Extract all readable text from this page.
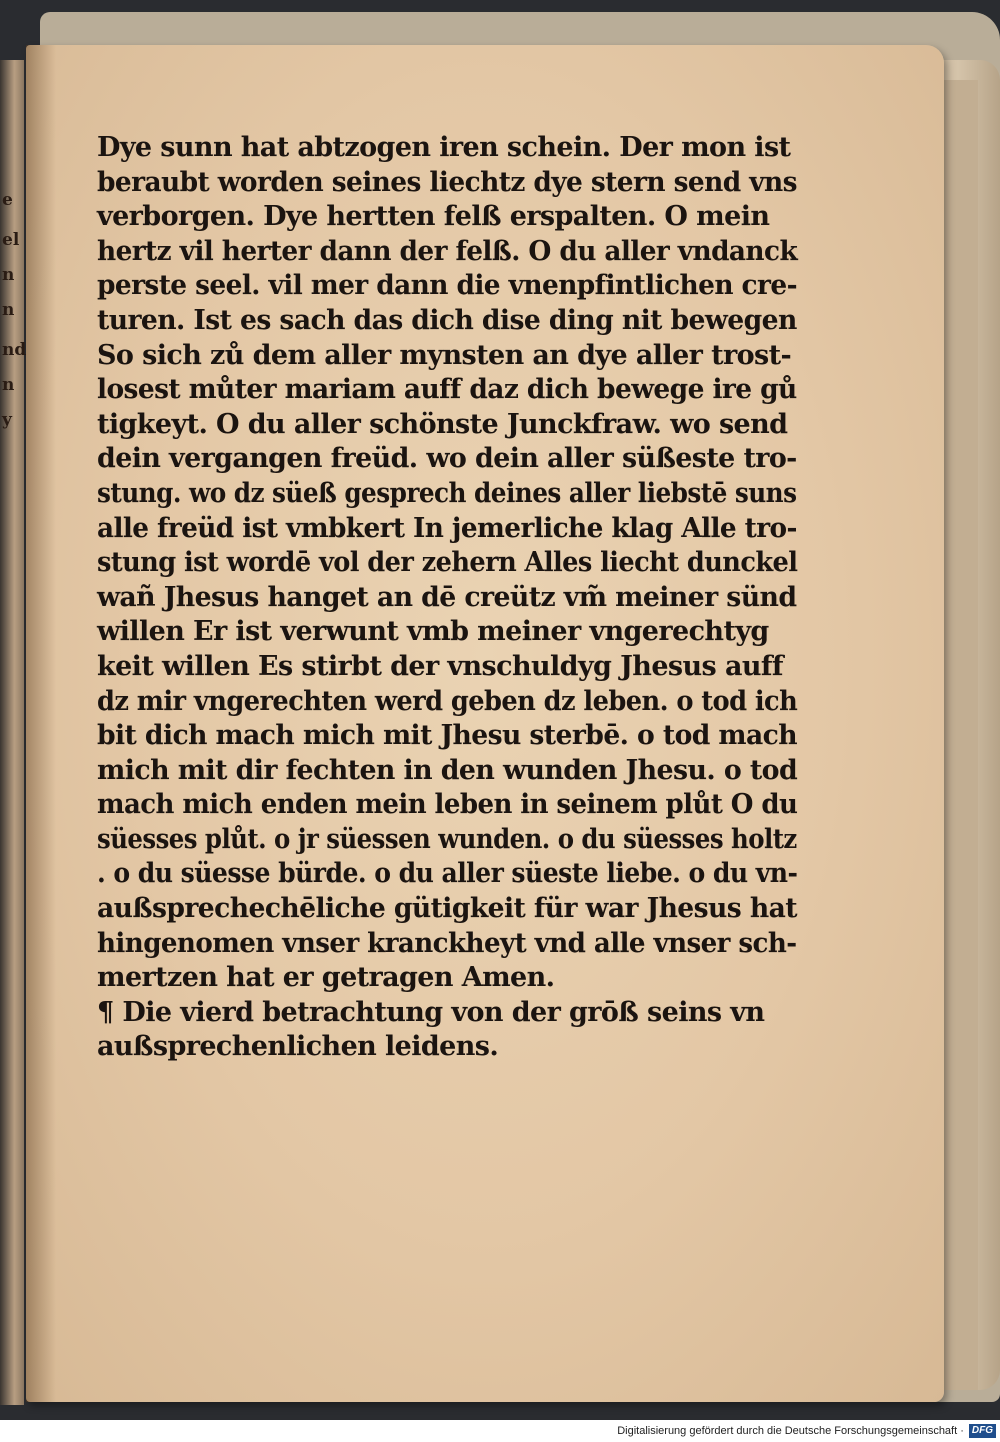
e
el
n
n
nd
n
y
Dye sunn hat abtzogen iren schein. Der mon ist
beraubt worden seines liechtz dye stern send vns
verborgen. Dye hertten felß erspalten. O mein
hertz vil herter dann der felß. O du aller vndanck
perste seel. vil mer dann die vnenpfintlichen cre-
turen. Ist es sach das dich dise ding nit bewegen
So sich zů dem aller mynsten an dye aller trost-
losest můter mariam auff daz dich bewege ire gů
tigkeyt. O du aller schönste Junckfraw. wo send
dein vergangen freüd. wo dein aller süßeste tro-
stung. wo dz süeß gesprech deines aller liebstē suns
alle freüd ist vmbkert In jemerliche klag Alle tro-
stung ist wordē vol der zehern Alles liecht dunckel
wañ Jhesus hanget an dē creütz vm̃ meiner sünd
willen Er ist verwunt vmb meiner vngerechtyg
keit willen Es stirbt der vnschuldyg Jhesus auff
dz mir vngerechten werd geben dz leben. o tod ich
bit dich mach mich mit Jhesu sterbē. o tod mach
mich mit dir fechten in den wunden Jhesu. o tod
mach mich enden mein leben in seinem plůt O du
süesses plůt. o jr süessen wunden. o du süesses holtz
. o du süesse bürde. o du aller süeste liebe. o du vn-
außsprechechēliche gütigkeit für war Jhesus hat
hingenomen vnser kranckheyt vnd alle vnser sch-
mertzen hat er getragen Amen.
¶ Die vierd betrachtung von der grōß seins vn
außsprechenlichen leidens.
Digitalisierung gefördert durch die Deutsche Forschungsgemeinschaft · DFG
